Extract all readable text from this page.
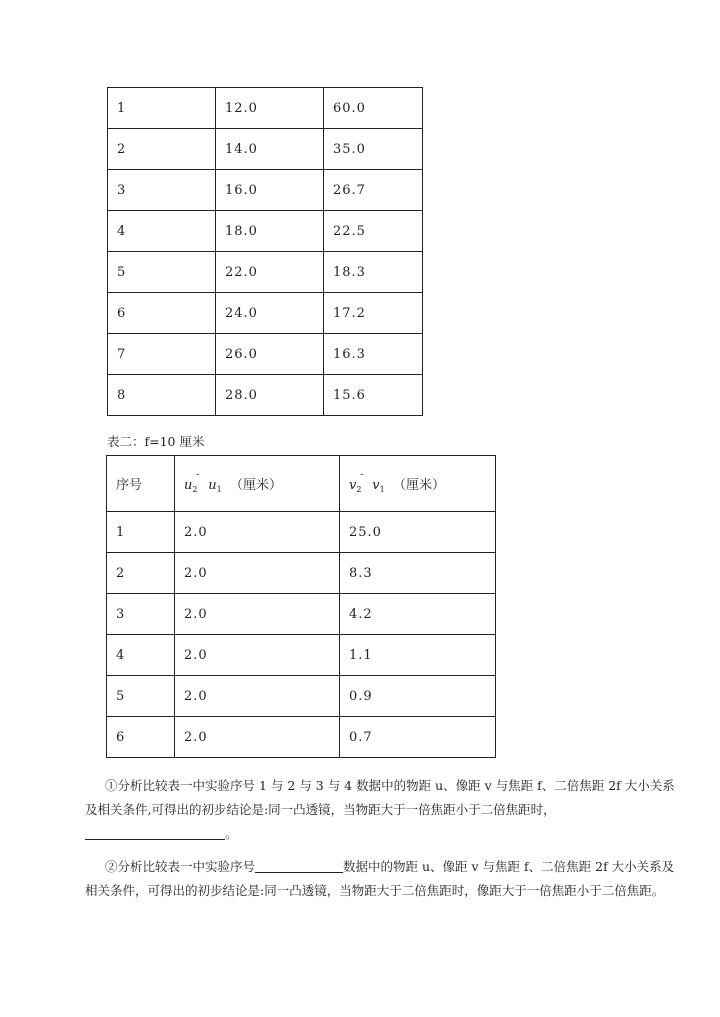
1	12.0	60.0
2	14.0	35.0
3	16.0	26.7
4	18.0	22.5
5	22.0	18.3
6	24.0	17.2
7	26.0	16.3
8	28.0	15.6
表二：f=10 厘米
序号	$u_2^¯$ $u_1$ （厘米）	$v_2^¯$ $v_1$ （厘米）
1	2.0	25.0
2	2.0	8.3
3	2.0	4.2
4	2.0	1.1
5	2.0	0.9
6	2.0	0.7

①分析比较表一中实验序号 1 与 2 与 3 与 4 数据中的物距 u、像距 v 与焦距 f、二倍焦距 2f 大小关系及相关条件,可得出的初步结论是:同一凸透镜，当物距大于一倍焦距小于二倍焦距时，。

②分析比较表一中实验序号	数据中的物距 u、像距 v 与焦距 f、二倍焦距 2f 大小关系及相关条件，可得出的初步结论是:同一凸透镜，当物距大于二倍焦距时，像距大于一倍焦距小于二倍焦距。
